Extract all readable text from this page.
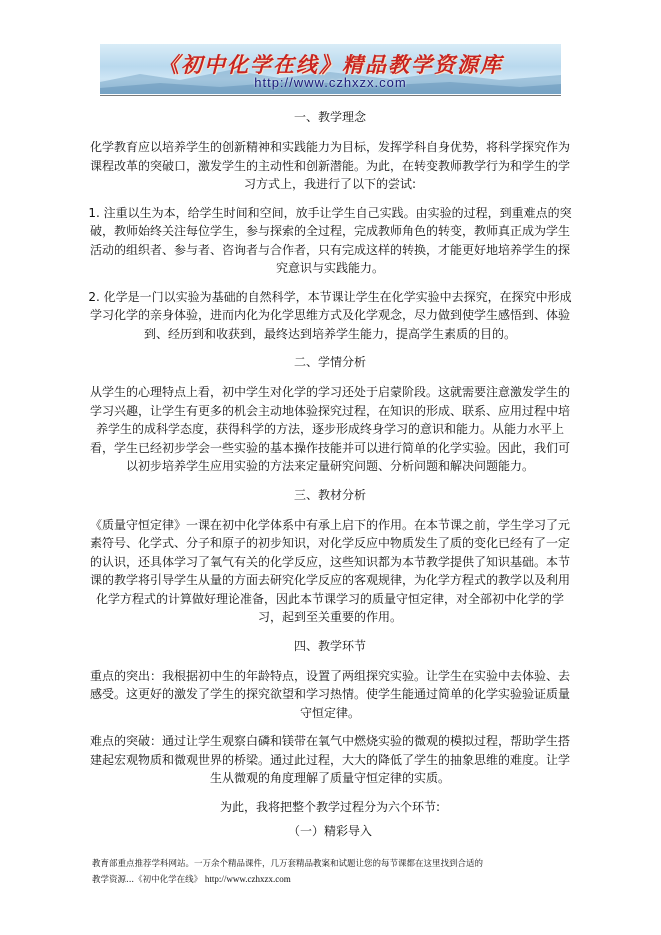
《初中化学在线》精品教学资源库
http://www.czhxzx.com
一、教学理念

化学教育应以培养学生的创新精神和实践能力为目标，发挥学科自身优势，将科学探究作为课程改革的突破口，激发学生的主动性和创新潜能。为此，在转变教师教学行为和学生的学习方式上，我进行了以下的尝试:

1. 注重以生为本，给学生时间和空间，放手让学生自己实践。由实验的过程，到重难点的突破，教师始终关注每位学生，参与探索的全过程，完成教师角色的转变，教师真正成为学生活动的组织者、参与者、咨询者与合作者，只有完成这样的转换，才能更好地培养学生的探究意识与实践能力。

2. 化学是一门以实验为基础的自然科学，本节课让学生在化学实验中去探究，在探究中形成学习化学的亲身体验，进而内化为化学思维方式及化学观念，尽力做到使学生感悟到、体验到、经历到和收获到，最终达到培养学生能力，提高学生素质的目的。

二、学情分析

从学生的心理特点上看，初中学生对化学的学习还处于启蒙阶段。这就需要注意激发学生的学习兴趣，让学生有更多的机会主动地体验探究过程，在知识的形成、联系、应用过程中培养学生的成科学态度，获得科学的方法，逐步形成终身学习的意识和能力。从能力水平上看，学生已经初步学会一些实验的基本操作技能并可以进行简单的化学实验。因此，我们可以初步培养学生应用实验的方法来定量研究问题、分析问题和解决问题能力。

三、教材分析

《质量守恒定律》一课在初中化学体系中有承上启下的作用。在本节课之前，学生学习了元素符号、化学式、分子和原子的初步知识，对化学反应中物质发生了质的变化已经有了一定的认识，还具体学习了氧气有关的化学反应，这些知识都为本节教学提供了知识基础。本节课的教学将引导学生从量的方面去研究化学反应的客观规律，为化学方程式的教学以及利用化学方程式的计算做好理论准备，因此本节课学习的质量守恒定律，对全部初中化学的学习，起到至关重要的作用。

四、教学环节

重点的突出：我根据初中生的年龄特点，设置了两组探究实验。让学生在实验中去体验、去感受。这更好的激发了学生的探究欲望和学习热情。使学生能通过简单的化学实验验证质量守恒定律。

难点的突破：通过让学生观察白磷和镁带在氧气中燃烧实验的微观的模拟过程，帮助学生搭建起宏观物质和微观世界的桥梁。通过此过程，大大的降低了学生的抽象思维的难度。让学生从微观的角度理解了质量守恒定律的实质。

为此，我将把整个教学过程分为六个环节:

（一）精彩导入
教育部重点推荐学科网站。一万余个精品课件，几万套精品教案和试题让您的每节课都在这里找到合适的
教学资源...《初中化学在线》 http://www.czhxzx.com
